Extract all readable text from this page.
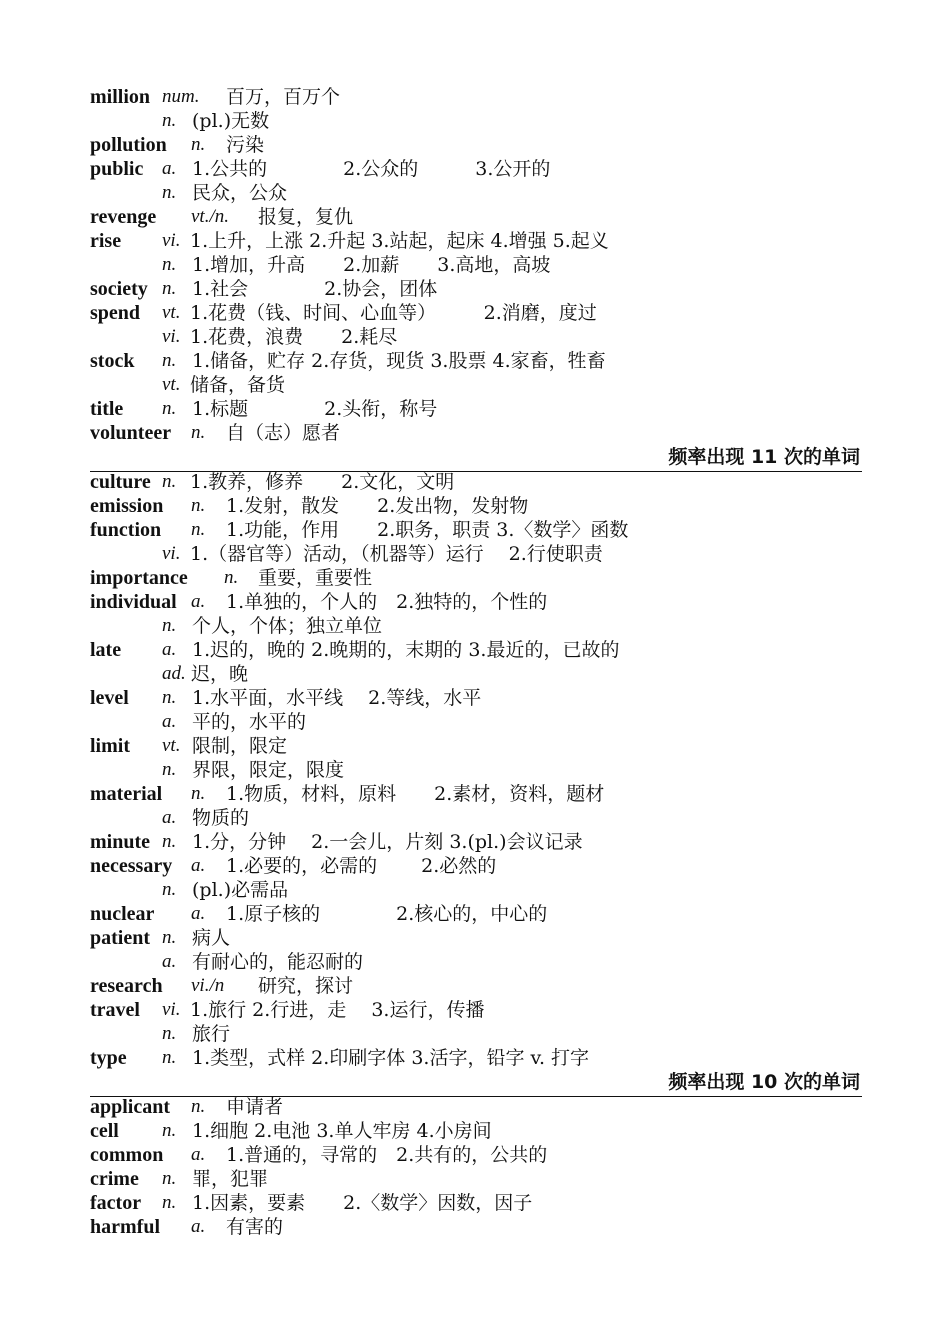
million num. 百万，百万个
n. (pl.)无数
pollution n. 污染
public a. 1.公共的　　　　2.公众的　　　3.公开的
n. 民众，公众
revenge vt./n. 报复，复仇
rise vi. 1.上升，上涨 2.升起 3.站起，起床 4.增强 5.起义
n. 1.增加，升高　　2.加薪　　3.高地，高坡
society n. 1.社会　　　　2.协会，团体
spend vt. 1.花费（钱、时间、心血等）　　　2.消磨，度过
vi. 1.花费，浪费　　2.耗尽
stock n. 1.储备，贮存 2.存货，现货 3.股票 4.家畜，牲畜
vt. 储备，备货
title n. 1.标题　　　　2.头衔，称号
volunteer n. 自（志）愿者
频率出现 11 次的单词
culture n. 1.教养，修养　　2.文化，文明
emission n. 1.发射，散发　　2.发出物，发射物
function n. 1.功能，作用　　2.职务，职责 3.〈数学〉函数
vi. 1.（器官等）活动，（机器等）运行　 2.行使职责
importance n. 重要，重要性
individual a. 1.单独的，个人的　2.独特的，个性的
n. 个人，个体；独立单位
late a. 1.迟的，晚的 2.晚期的，末期的 3.最近的，已故的
ad. 迟，晚
level n. 1.水平面，水平线　 2.等线，水平
a. 平的，水平的
limit vt. 限制，限定
n. 界限，限定，限度
material n. 1.物质，材料，原料　　2.素材，资料，题材
a. 物质的
minute n. 1.分，分钟　 2.一会儿，片刻 3.(pl.)会议记录
necessary a. 1.必要的，必需的　　 2.必然的
n. (pl.)必需品
nuclear a. 1.原子核的　　　　2.核心的，中心的
patient n. 病人
a. 有耐心的，能忍耐的
research vi./n 研究，探讨
travel vi. 1.旅行 2.行进，走　 3.运行，传播
n. 旅行
type n. 1.类型，式样 2.印刷字体 3.活字，铅字 v. 打字
频率出现 10 次的单词
applicant n. 申请者
cell n. 1.细胞 2.电池 3.单人牢房 4.小房间
common a. 1.普通的，寻常的　2.共有的，公共的
crime n. 罪，犯罪
factor n. 1.因素，要素　　2.〈数学〉因数，因子
harmful a. 有害的
